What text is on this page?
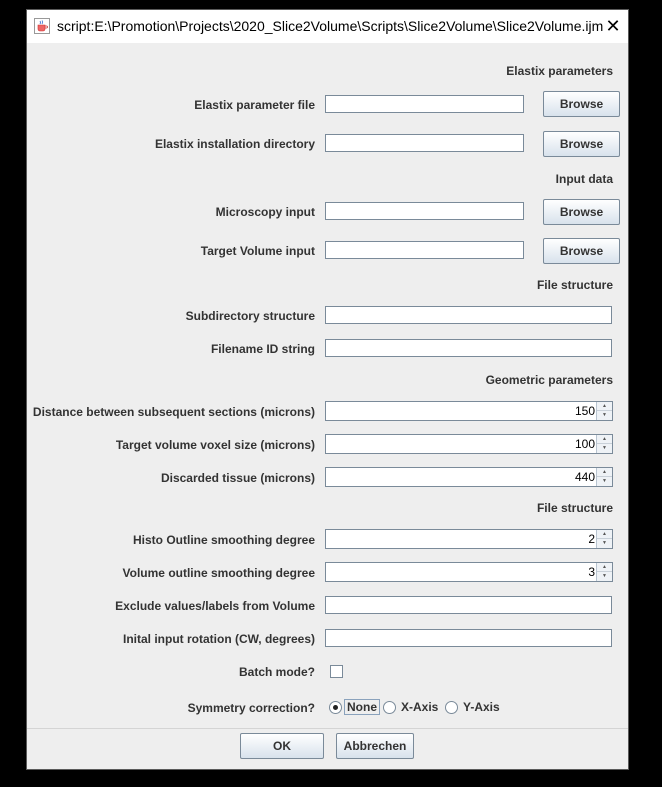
script:E:\Promotion\Projects\2020_Slice2Volume\Scripts\Slice2Volume\Slice2Volume.ijm ✕
Elastix parameters
Elastix parameter file	Browse
Elastix installation directory	Browse
Input data
Microscopy input	Browse
Target Volume input	Browse
File structure
Subdirectory structure
Filename ID string
Geometric parameters
Distance between subsequent sections (microns)	150	▲
▼
Target volume voxel size (microns)	100	▲
▼
Discarded tissue (microns)	440	▲
▼
File structure
Histo Outline smoothing degree	2	▲
▼
Volume outline smoothing degree	3	▲
▼
Exclude values/labels from Volume
Inital input rotation (CW, degrees)
Batch mode?
Symmetry correction?	None X-Axis Y-Axis
OK	Abbrechen
